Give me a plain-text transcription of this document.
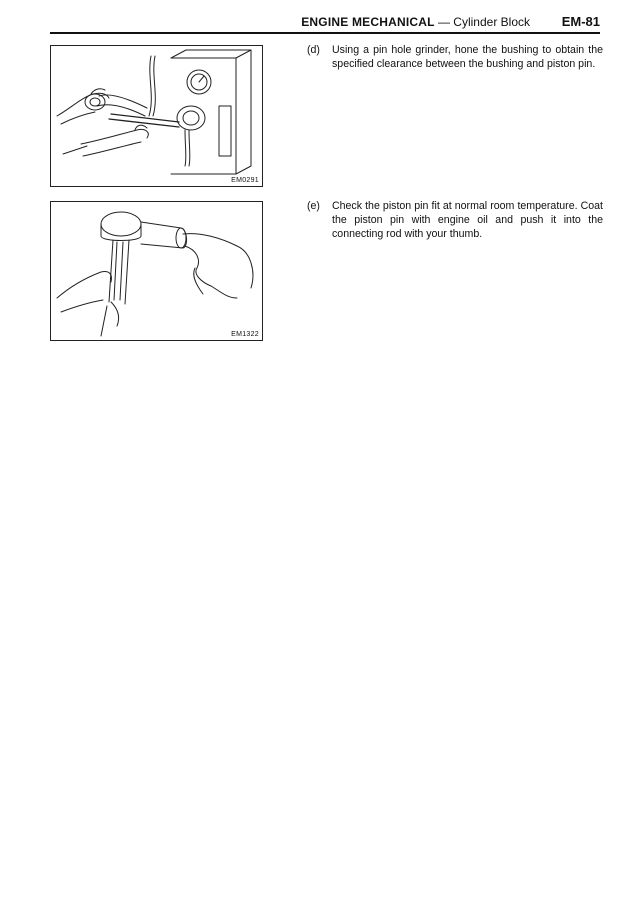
ENGINE MECHANICAL — Cylinder Block EM-81
EM0291
EM1322
(d) Using a pin hole grinder, hone the bushing to obtain the specified clearance between the bushing and piston pin.
(e) Check the piston pin fit at normal room temperature. Coat the piston pin with engine oil and push it into the connecting rod with your thumb.
